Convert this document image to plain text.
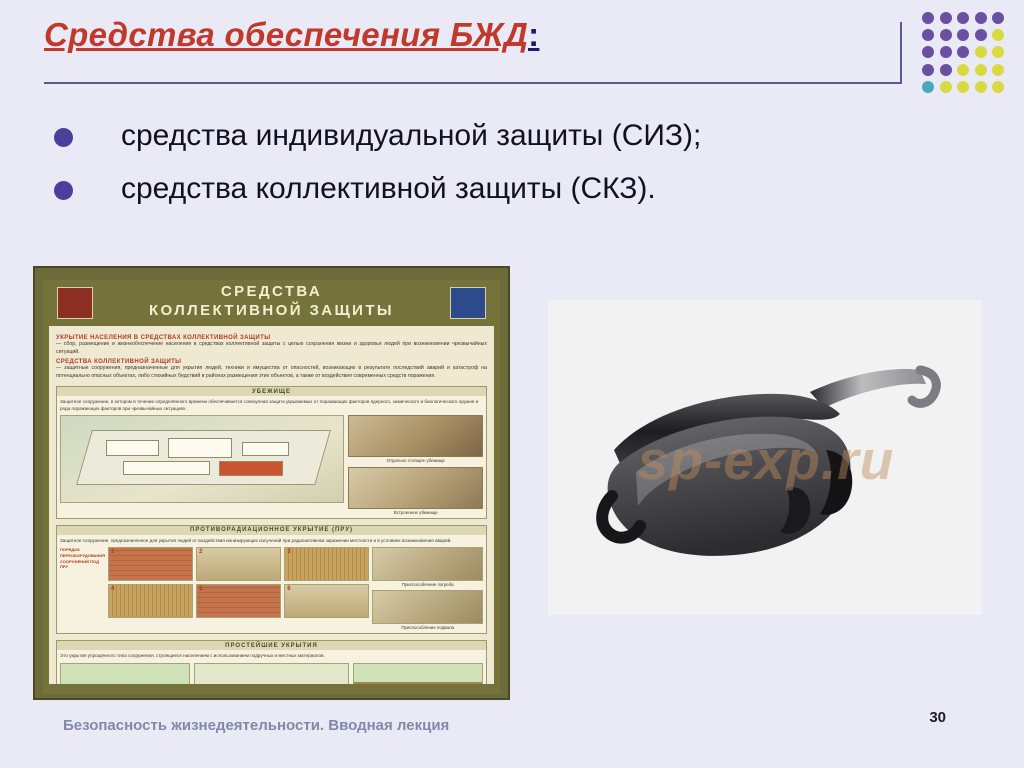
Средства обеспечения БЖД:
средства индивидуальной защиты (СИЗ);
средства коллективной защиты (СКЗ).
СРЕДСТВА
КОЛЛЕКТИВНОЙ ЗАЩИТЫ
УКРЫТИЕ НАСЕЛЕНИЯ В СРЕДСТВАХ КОЛЛЕКТИВНОЙ ЗАЩИТЫ
— сбор, размещение и жизнеобеспечение населения в средствах коллективной защиты с целью сохранения жизни и здоровья людей при возникновении чрезвычайных ситуаций.
СРЕДСТВА КОЛЛЕКТИВНОЙ ЗАЩИТЫ
— защитные сооружения, предназначенные для укрытия людей, техники и имущества от опасностей, возникающих в результате последствий аварий и катастроф на потенциально опасных объектах, либо стихийных бедствий в районах размещения этих объектов, а также от воздействия современных средств поражения.
УБЕЖИЩЕ
Защитное сооружение, в котором в течение определённого времени обеспечивается совокупная защита укрываемых от поражающих факторов ядерного, химического и биологического оружия и ряда поражающих факторов при чрезвычайных ситуациях.
Отдельно стоящее убежище
Встроенное убежище
ПРОТИВОРАДИАЦИОННОЕ УКРЫТИЕ (ПРУ)
Защитное сооружение, предназначенное для укрытия людей от воздействия ионизирующих излучений при радиоактивном заражении местности и в условиях возникновения аварий.
ПОРЯДОК ПЕРЕОБОРУДОВАНИЯ СООРУЖЕНИЙ ПОД ПРУ
1
4
2
5
3
6
Приспособление погреба
Приспособление подвала
ПРОСТЕЙШИЕ УКРЫТИЯ
Это укрытия упрощённого типа сооружения, строящиеся населением с использованием подручных и местных материалов.
sp-exp.ru
Безопасность жизнедеятельности. Вводная лекция	30
